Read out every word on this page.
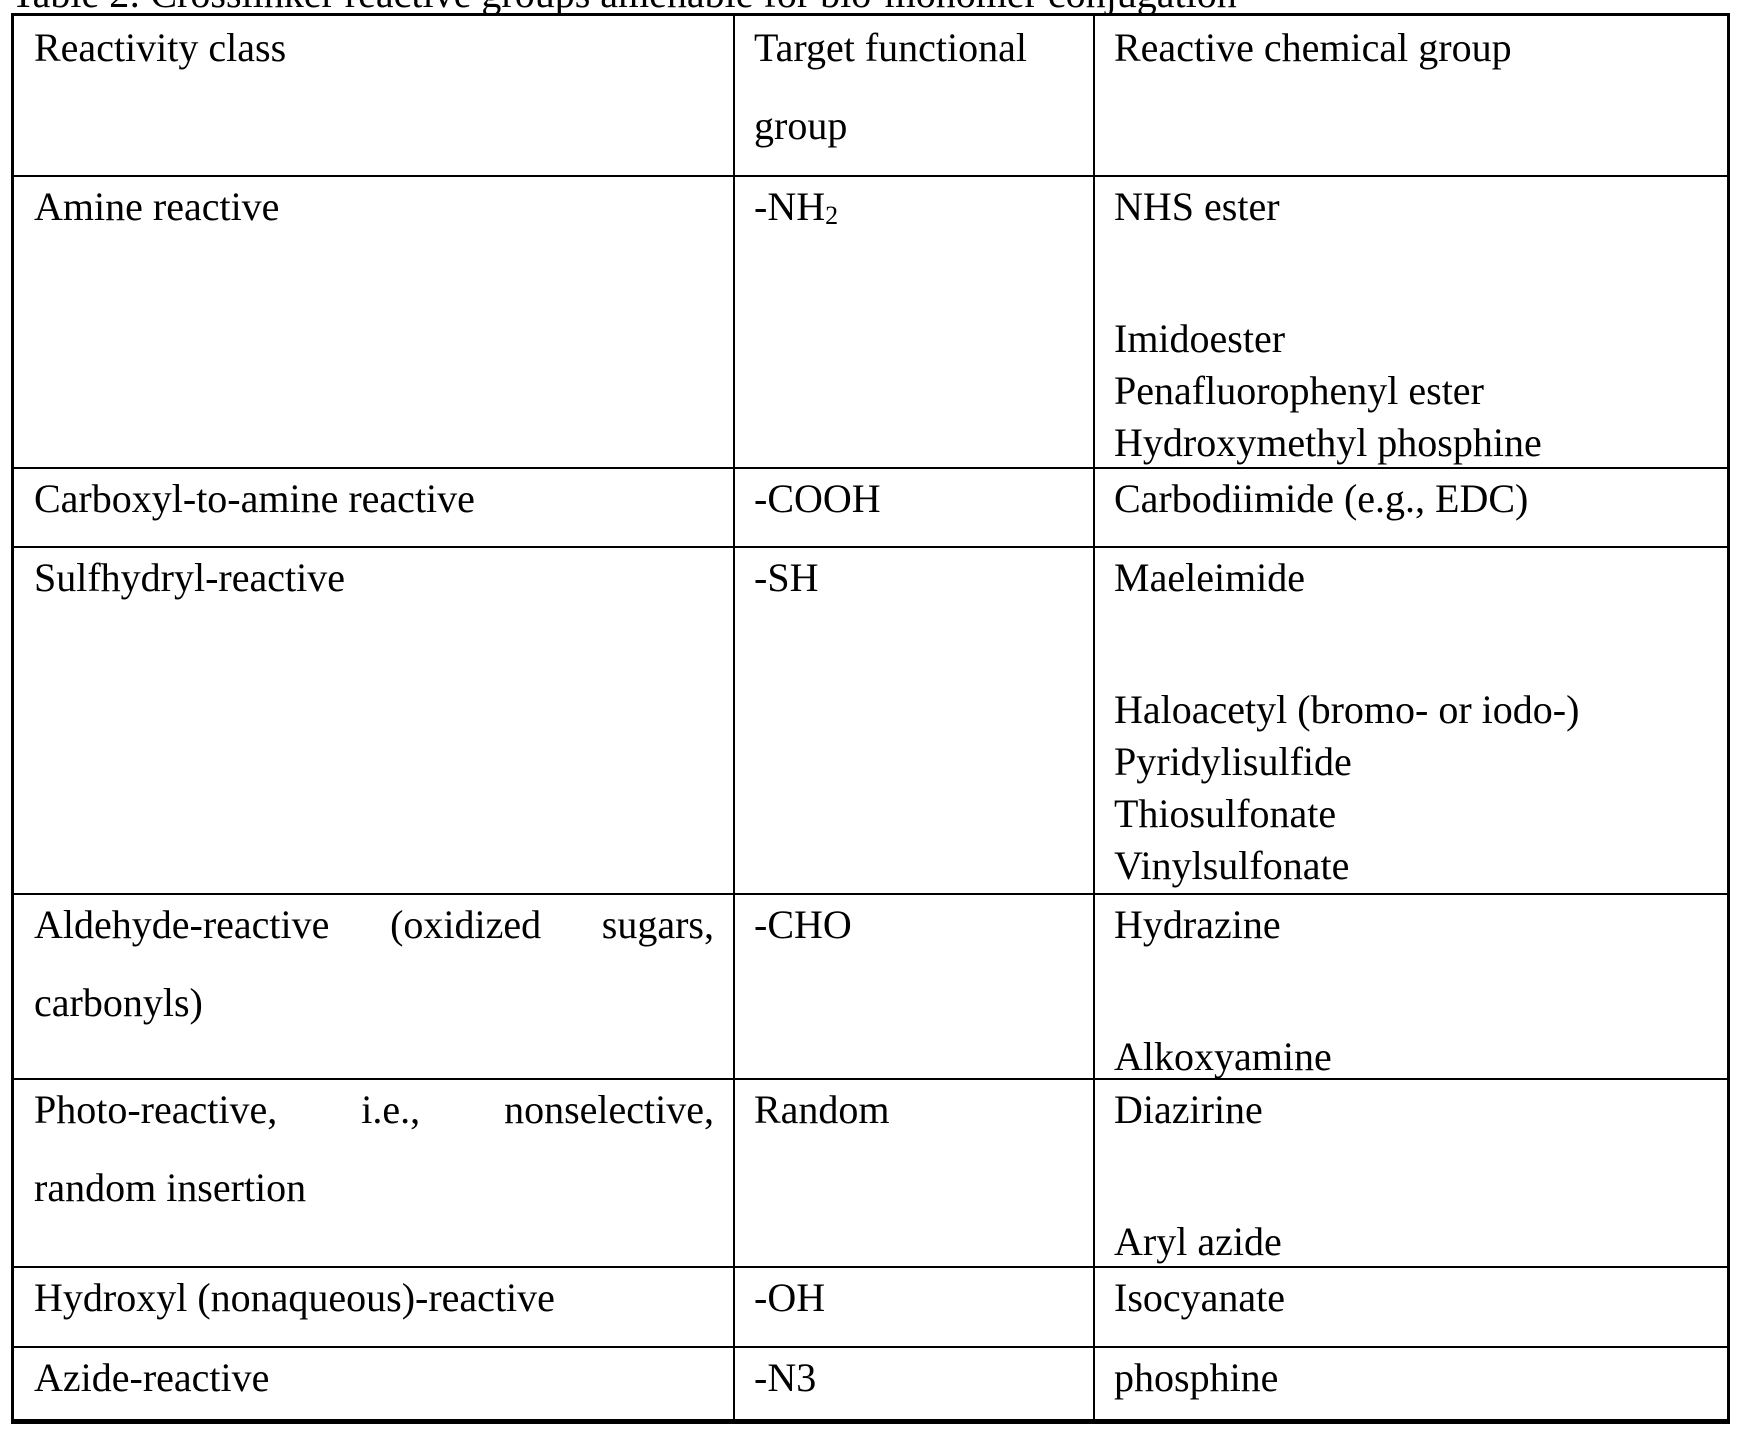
Reactivity class	Target functional
group
Reactive chemical group
Amine reactive	-NH2	NHS ester
Imidoester
Penafluorophenyl ester
Hydroxymethyl phosphine
Carboxyl-to-amine reactive	-COOH	Carbodiimide (e.g., EDC)
Sulfhydryl-reactive	-SH	Maeleimide
Haloacetyl (bromo- or iodo-)
Pyridylisulfide
Thiosulfonate
Vinylsulfonate
Aldehyde-reactive (oxidized sugars,
carbonyls)
-CHO	Hydrazine
Alkoxyamine
Photo-reactive, i.e., nonselective,
random insertion
Random	Diazirine
Aryl azide
Hydroxyl (nonaqueous)-reactive	-OH	Isocyanate
Azide-reactive	-N3	phosphine
